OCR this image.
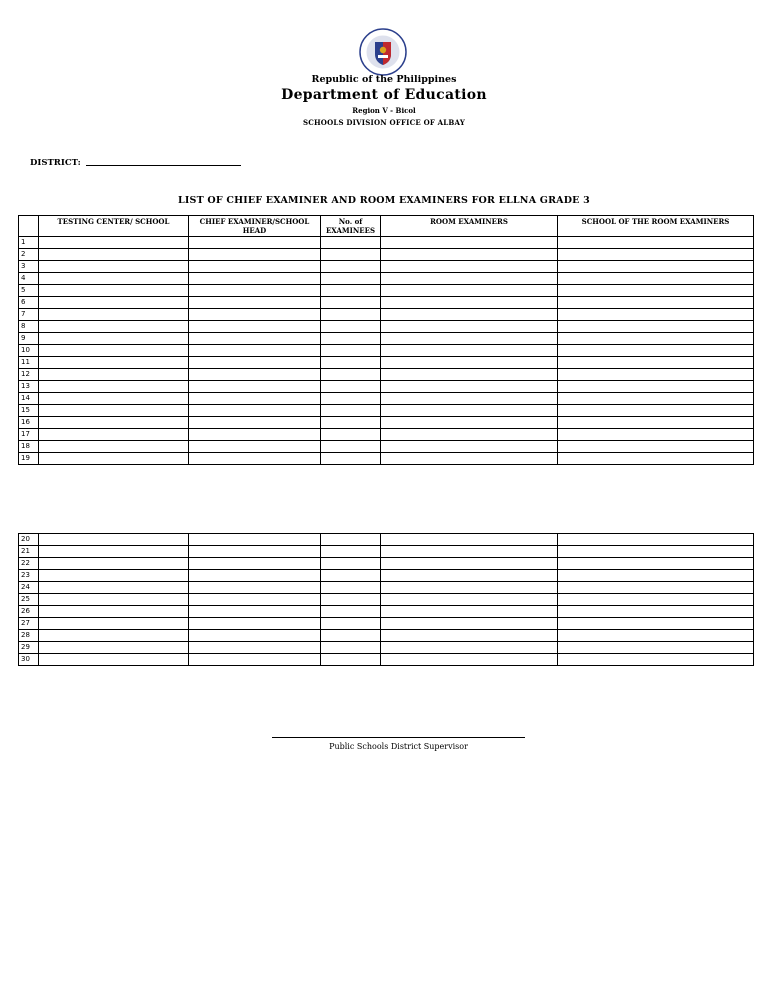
Republic of the Philippines
Department of Education
Region V - Bicol
SCHOOLS DIVISION OFFICE OF ALBAY
DISTRICT:
LIST OF CHIEF EXAMINER AND ROOM EXAMINERS FOR ELLNA GRADE 3
	TESTING CENTER/ SCHOOL	CHIEF EXAMINER/SCHOOL HEAD	No. of EXAMINEES	ROOM EXAMINERS	SCHOOL OF THE ROOM EXAMINERS
1					
2					
3					
4					
5					
6					
7					
8					
9					
10					
11					
12					
13					
14					
15					
16					
17					
18					
19					
20					
21					
22					
23					
24					
25					
26					
27					
28					
29					
30					
Public Schools District Supervisor
